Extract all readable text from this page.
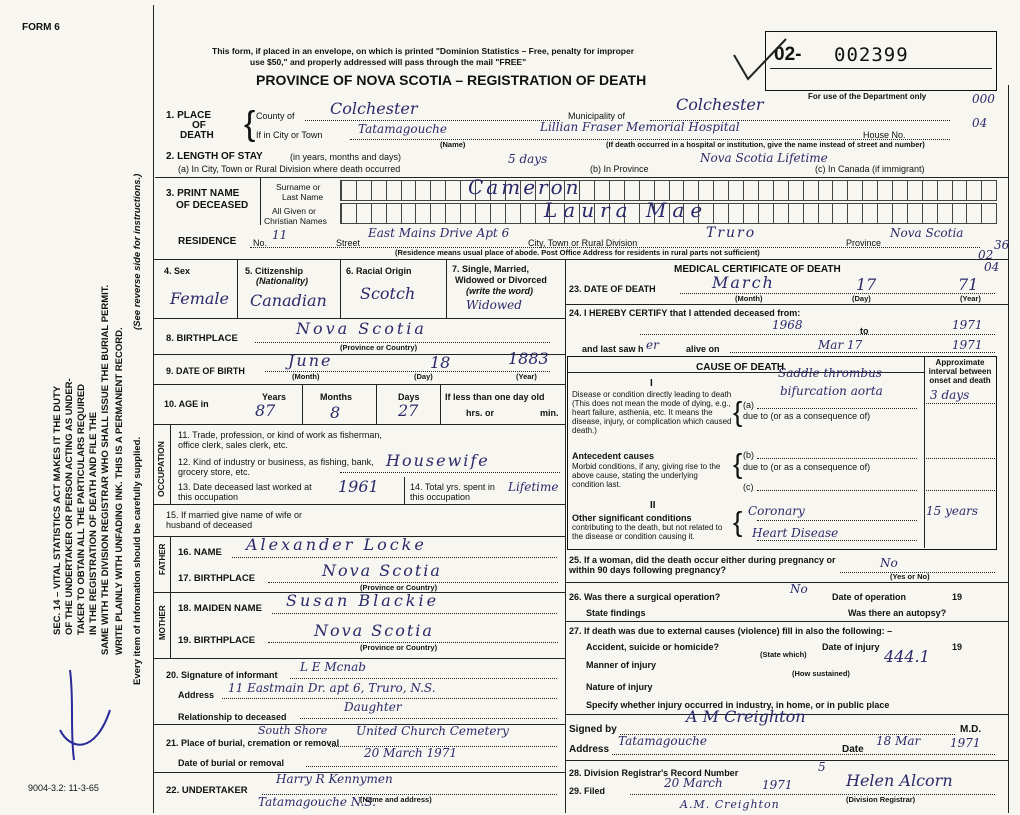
FORM 6
9004-3.2: 11-3-65
SEC. 14 – VITAL STATISTICS ACT MAKES IT THE DUTY OF THE UNDERTAKER OR PERSON ACTING AS UNDER- TAKER TO OBTAIN ALL THE PARTICULARS REQUIRED IN THE REGISTRATION OF DEATH AND FILE THE SAME WITH THE DIVISION REGISTRAR WHO SHALL ISSUE THE BURIAL PERMIT. WRITE PLAINLY WITH UNFADING INK. THIS IS A PERMANENT RECORD. Every item of information should be carefully supplied.
(See reverse side for instructions.)
This form, if placed in an envelope, on which is printed "Dominion Statistics – Free, penalty for improper
use $50," and properly addressed will pass through the mail "FREE"
PROVINCE OF NOVA SCOTIA – REGISTRATION OF DEATH
02- 002399
For use of the Department only	000
04
36
02
04
1. PLACE
OF
DEATH { County of Colchester	Municipality of
Colchester
If in City or Town	Tatamagouche	Lillian Fraser Memorial Hospital
House No.
(Name)	(If death occurred in a hospital or institution, give the name instead of street and number)
2. LENGTH OF STAY	(in years, months and days)
(a) In City, Town or Rural Division where death occurred
5 days
(b) In Province
Nova Scotia Lifetime
(c) In Canada (if immigrant)
3. PRINT NAME
OF DECEASED
Surname or
Last Name
All Given or
Christian Names
Cameron
Laura Mae
RESIDENCE No.
11
Street
East Mains Drive Apt 6
City, Town or Rural Division
Truro
Province
Nova Scotia
(Residence means usual place of abode. Post Office Address for residents in rural parts not sufficient)
4. Sex
Female
5. Citizenship
(Nationality)
Canadian
6. Racial Origin
Scotch
7. Single, Married,
Widowed or Divorced
(write the word)
Widowed
8. BIRTHPLACE
Nova Scotia
(Province or Country)
9. DATE OF BIRTH
June	18	1883
(Month)	(Day)	(Year)
10. AGE in
Years
87
Months
8
Days
27
If less than one day old
hrs. or	min.
OCCUPATION
11. Trade, profession, or kind of work as fisherman, office clerk, sales clerk, etc.
12. Kind of industry or business, as fishing, bank, grocery store, etc.
Housewife
13. Date deceased last worked at this occupation
1961	14. Total yrs. spent in this occupation
Lifetime
15. If married give name of wife or husband of deceased
FATHER 16. NAME Alexander Locke
17. BIRTHPLACE	Nova Scotia
(Province or Country)
MOTHER 18. MAIDEN NAME Susan Blackie
19. BIRTHPLACE
Nova Scotia
(Province or Country)
20. Signature of informant
L E Mcnab
Address 11 Eastmain Dr. apt 6, Truro, N.S.
Relationship to deceased
Daughter
21. Place of burial, cremation or removal
South Shore United Church Cemetery
Date of burial or removal
20 March 1971
22. UNDERTAKER
Harry R Kennymen
Tatamagouche N.S.
(Name and address)
MEDICAL CERTIFICATE OF DEATH
23. DATE OF DEATH	March	17	71
(Month)	(Day)	(Year)
24. I HEREBY CERTIFY that I attended deceased from:
1968	to	1971
and last saw h er	alive on	Mar 17	1971
CAUSE OF DEATH	Approximate interval between onset and death
I
Disease or condition directly leading to death (This does not mean the mode of dying, e.g., heart failure, asthenia, etc. It means the disease, injury, or complication which caused death.)
{
Saddle thrombus
bifurcation aorta
(a)
due to (or as a consequence of)
3 days
Antecedent causes
Morbid conditions, if any, giving rise to the above cause, stating the underlying condition last.
{ (b)
due to (or as a consequence of)
(c)
II
Other significant conditions
contributing to the death, but not related to the disease or condition causing it.	{ Coronary
Heart Disease
15 years
25. If a woman, did the death occur either during pregnancy or within 90 days following pregnancy?	No
(Yes or No)
26. Was there a surgical operation?
No
Date of operation	19
State findings	Was there an autopsy?
27. If death was due to external causes (violence) fill in also the following: –
Accident, suicide or homicide?
(State which)
Date of injury	19
Manner of injury	444.1
(How sustained)
Nature of injury
Specify whether injury occurred in industry, in home, or in public place
Signed by
A M Creighton
M.D.
Address
Tatamagouche
Date
18 Mar 1971
28. Division Registrar's Record Number	5
29. Filed
20 March	1971	Helen Alcorn
(Division Registrar)
A.M. Creighton
